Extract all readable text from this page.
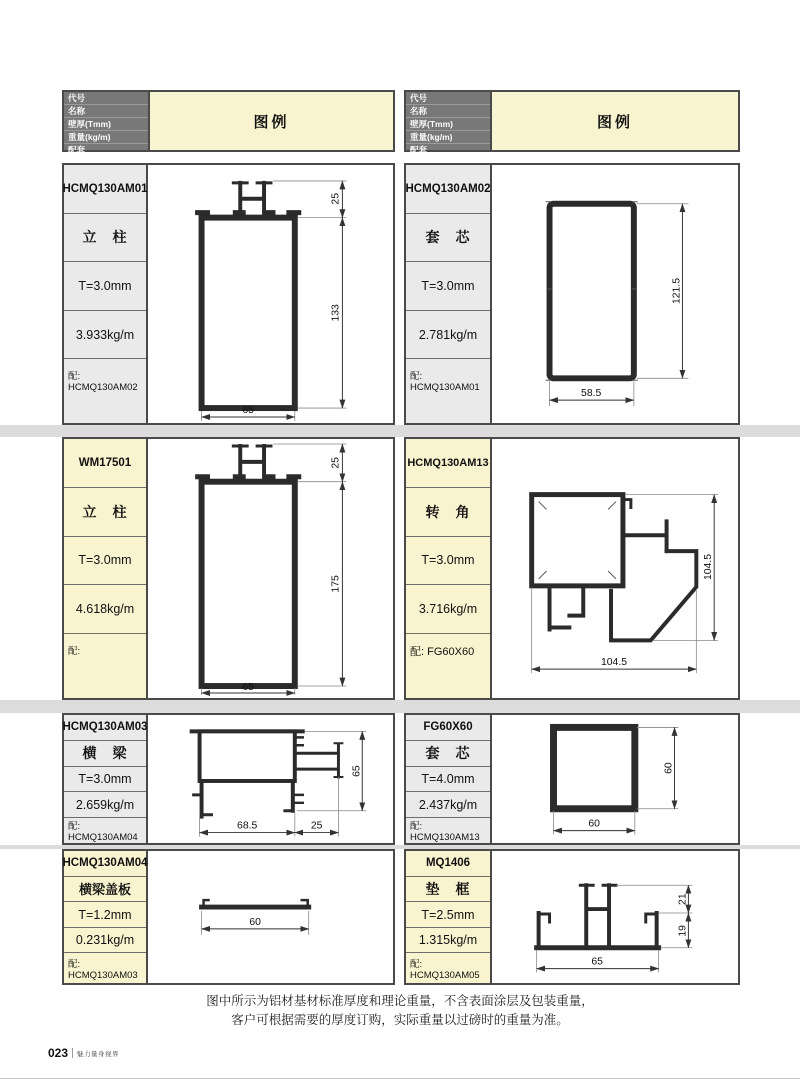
代号
名称
壁厚(Tmm)
重量(kg/m)
配套
图例
代号
名称
壁厚(Tmm)
重量(kg/m)
配套
图例
HCMQ130AM01
立　柱
T=3.0mm
3.933kg/m
配: HCMQ130AM02
25
133
65
HCMQ130AM02
套　芯
T=3.0mm
2.781kg/m
配: HCMQ130AM01
121.5
58.5
WM17501
立　柱
T=3.0mm
4.618kg/m
配:
25
175
65
HCMQ130AM13
转　角
T=3.0mm
3.716kg/m
配: FG60X60
104.5
104.5
HCMQ130AM03
横　梁
T=3.0mm
2.659kg/m
配: HCMQ130AM04
65
68.5	25
FG60X60
套　芯
T=4.0mm
2.437kg/m
配: HCMQ130AM13
60
60
HCMQ130AM04
横梁盖板
T=1.2mm
0.231kg/m
配: HCMQ130AM03
60
MQ1406
垫　框
T=2.5mm
1.315kg/m
配: HCMQ130AM05
21
19
65
图中所示为铝材基材标准厚度和理论重量，不含表面涂层及包装重量，
客户可根据需要的厚度订购，实际重量以过磅时的重量为准。
023 魅力量身视界
